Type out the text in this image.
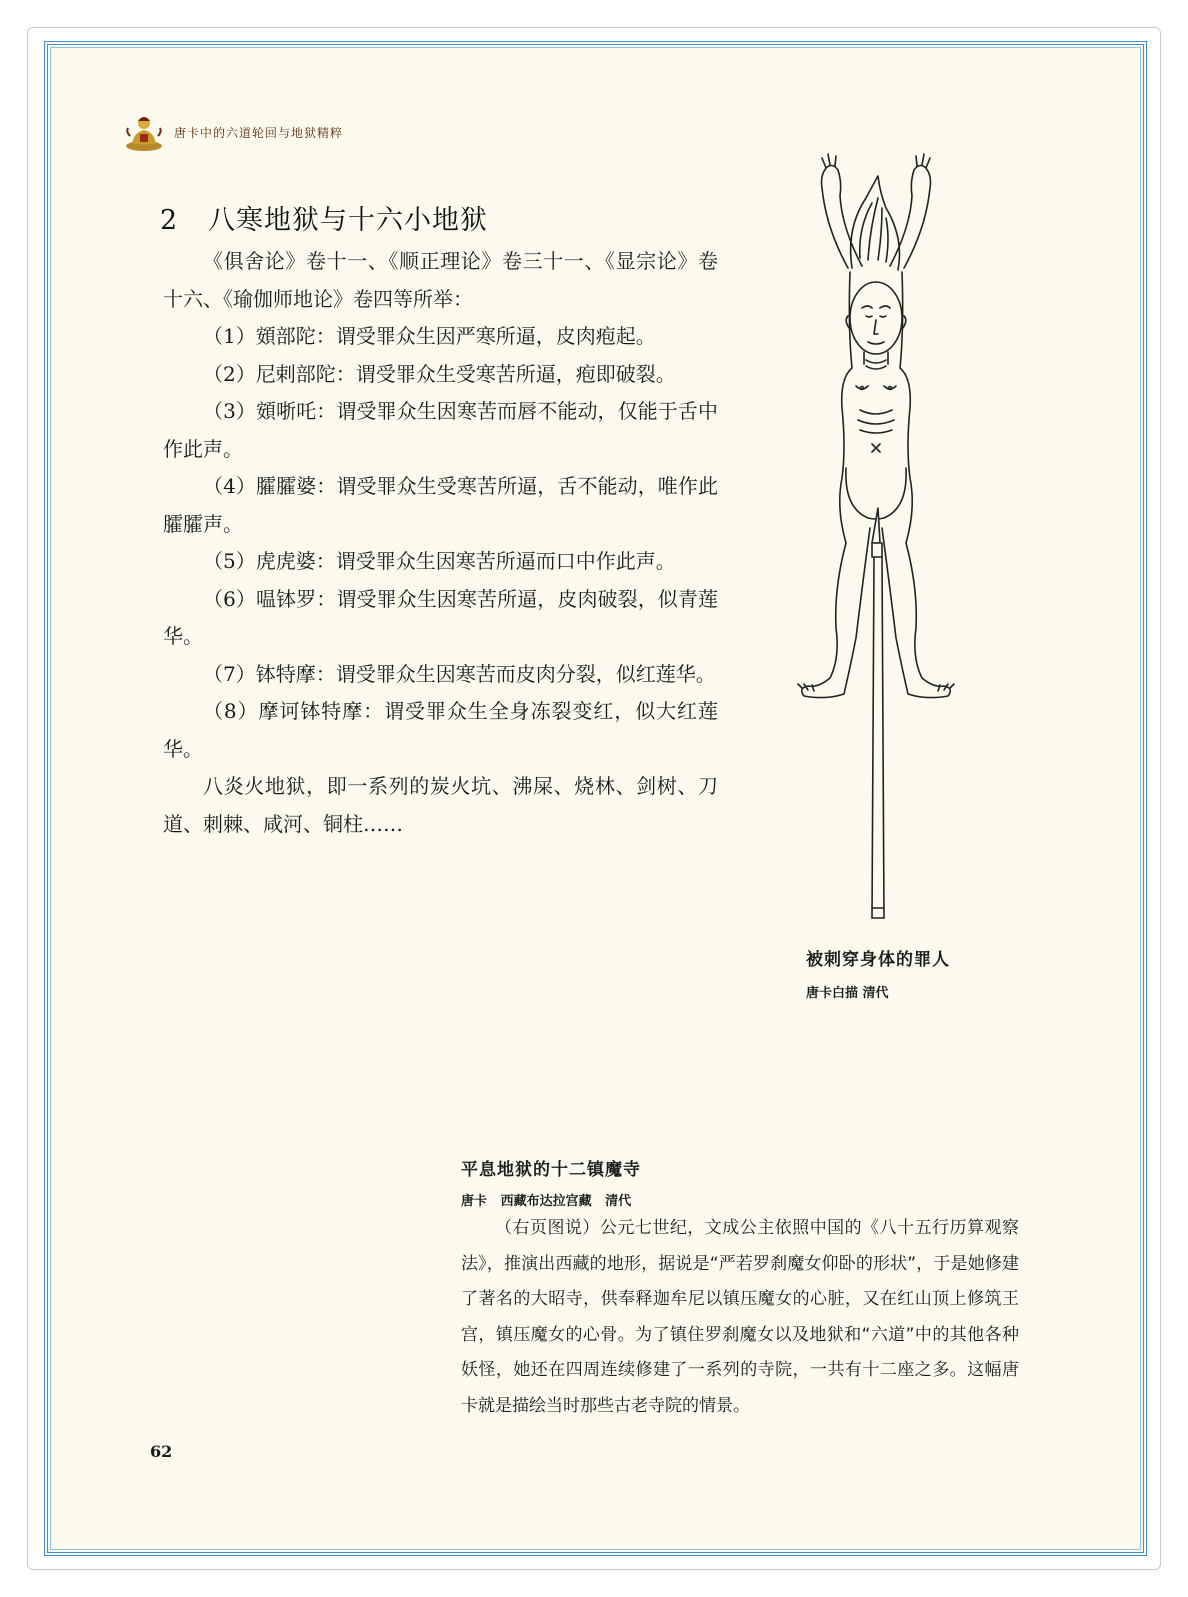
唐卡中的六道轮回与地狱精粹
2 八寒地狱与十六小地狱

《俱舍论》卷十一、《顺正理论》卷三十一、《显宗论》卷十六、《瑜伽师地论》卷四等所举：

（1）頞部陀：谓受罪众生因严寒所逼，皮肉疱起。

（2）尼剌部陀：谓受罪众生受寒苦所逼，疱即破裂。

（3）頞哳吒：谓受罪众生因寒苦而唇不能动，仅能于舌中作此声。

（4）臛臛婆：谓受罪众生受寒苦所逼，舌不能动，唯作此臛臛声。

（5）虎虎婆：谓受罪众生因寒苦所逼而口中作此声。

（6）嗢钵罗：谓受罪众生因寒苦所逼，皮肉破裂，似青莲华。

（7）钵特摩：谓受罪众生因寒苦而皮肉分裂，似红莲华。

（8）摩诃钵特摩：谓受罪众生全身冻裂变红，似大红莲华。

八炎火地狱，即一系列的炭火坑、沸屎、烧林、剑树、刀道、刺棘、咸河、铜柱……

被刺穿身体的罪人
唐卡白描 清代
平息地狱的十二镇魔寺
唐卡   西藏布达拉宫藏   清代

（右页图说）公元七世纪，文成公主依照中国的《八十五行历算观察法》，推演出西藏的地形，据说是“严若罗刹魔女仰卧的形状”，于是她修建了著名的大昭寺，供奉释迦牟尼以镇压魔女的心脏，又在红山顶上修筑王宫，镇压魔女的心骨。为了镇住罗刹魔女以及地狱和“六道”中的其他各种妖怪，她还在四周连续修建了一系列的寺院，一共有十二座之多。这幅唐卡就是描绘当时那些古老寺院的情景。

62
